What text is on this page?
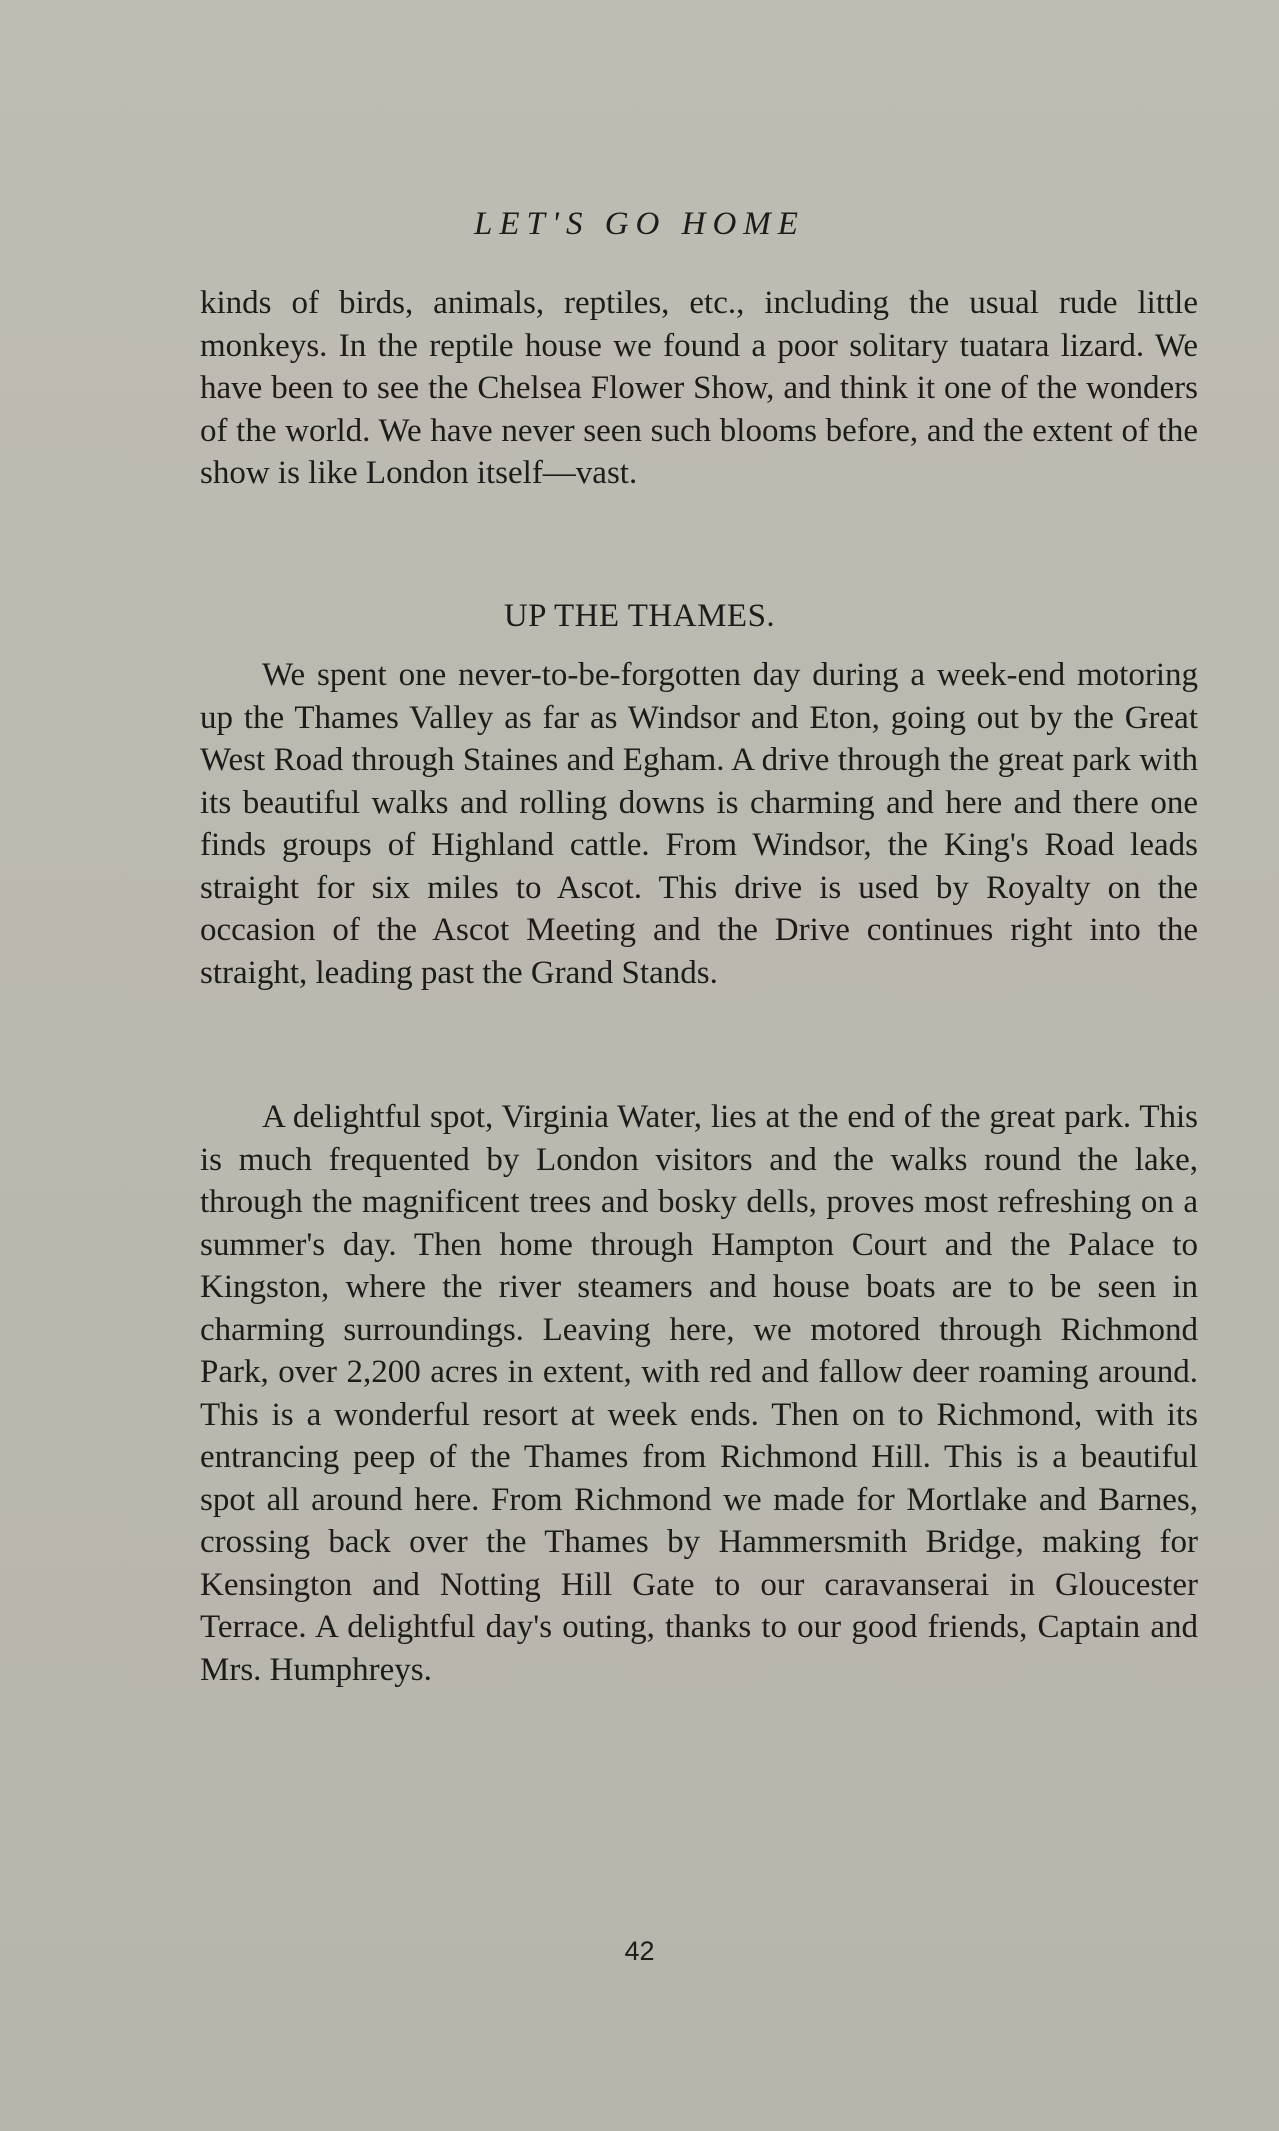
LET'S GO HOME

kinds of birds, animals, reptiles, etc., including the usual rude little monkeys. In the reptile house we found a poor solitary tuatara lizard. We have been to see the Chelsea Flower Show, and think it one of the wonders of the world. We have never seen such blooms before, and the extent of the show is like London itself—vast.

UP THE THAMES.

We spent one never-to-be-forgotten day during a week-end motoring up the Thames Valley as far as Windsor and Eton, going out by the Great West Road through Staines and Egham. A drive through the great park with its beautiful walks and rolling downs is charming and here and there one finds groups of Highland cattle. From Windsor, the King's Road leads straight for six miles to Ascot. This drive is used by Royalty on the occasion of the Ascot Meeting and the Drive continues right into the straight, leading past the Grand Stands.

A delightful spot, Virginia Water, lies at the end of the great park. This is much frequented by London visitors and the walks round the lake, through the magnificent trees and bosky dells, proves most refreshing on a summer's day. Then home through Hampton Court and the Palace to Kingston, where the river steamers and house boats are to be seen in charming surroundings. Leaving here, we motored through Richmond Park, over 2,200 acres in extent, with red and fallow deer roaming around. This is a wonderful resort at week ends. Then on to Richmond, with its entrancing peep of the Thames from Richmond Hill. This is a beautiful spot all around here. From Richmond we made for Mortlake and Barnes, crossing back over the Thames by Hammersmith Bridge, making for Kensington and Notting Hill Gate to our caravanserai in Gloucester Terrace. A delightful day's outing, thanks to our good friends, Captain and Mrs. Humphreys.

42
